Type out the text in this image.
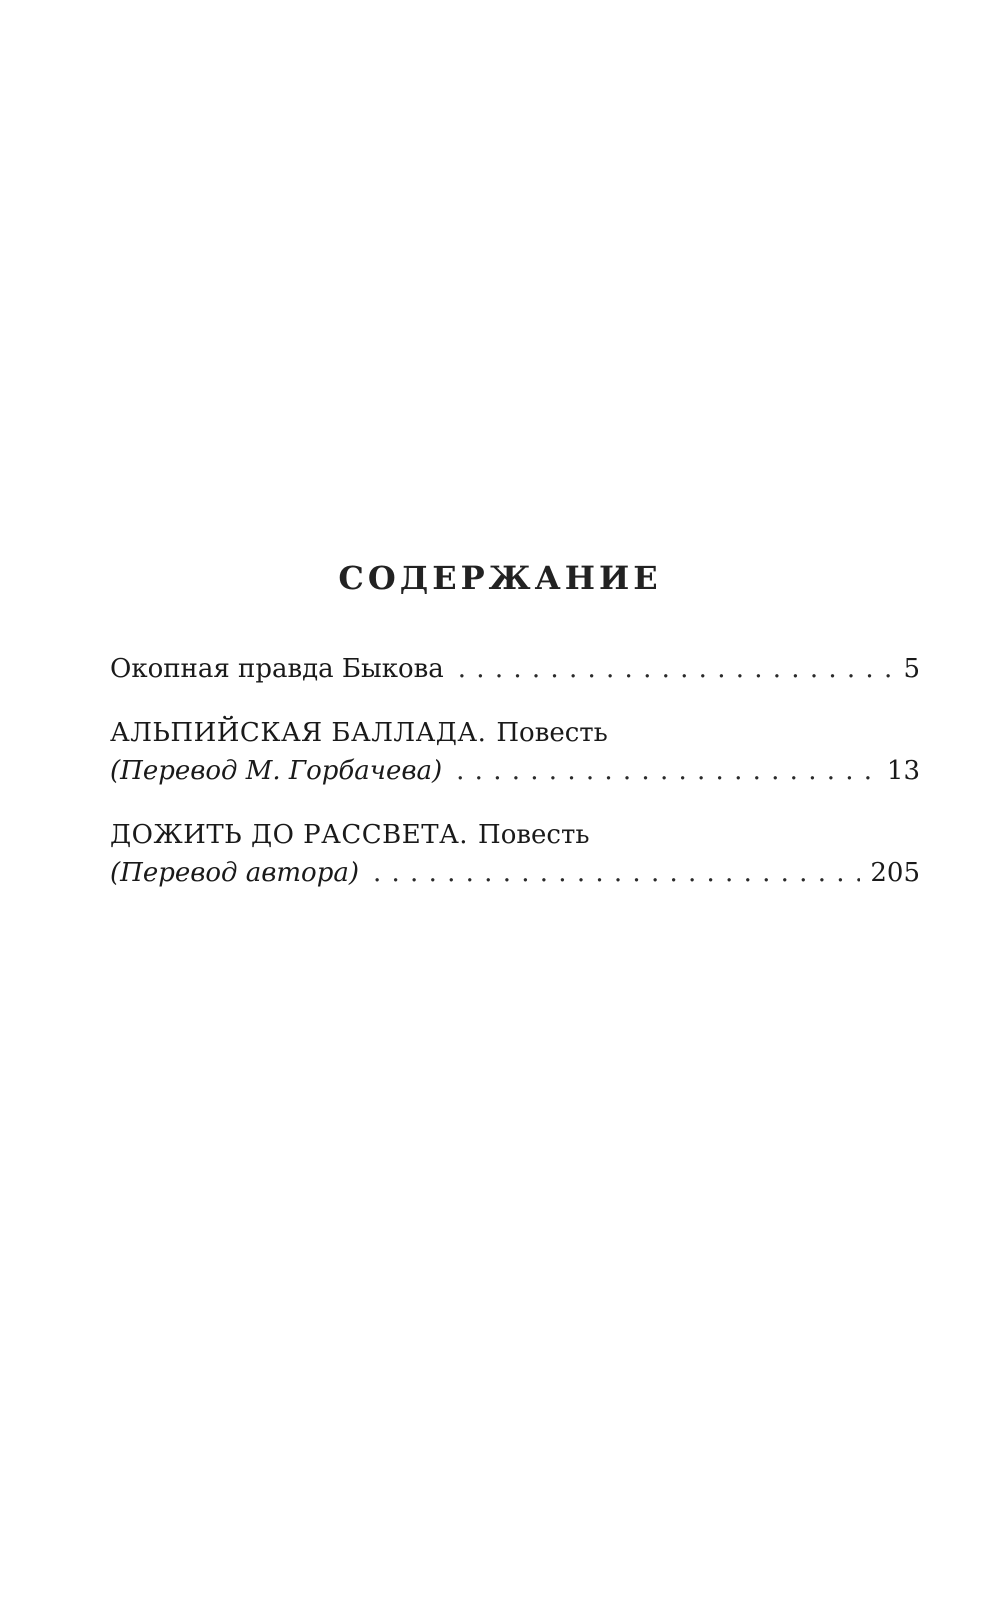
СОДЕРЖАНИЕ
Окопная правда Быкова . . .	5
АЛЬПИЙСКАЯ БАЛЛАДА. Повесть
(Перевод М. Горбачева) . . .	13
ДОЖИТЬ ДО РАССВЕТА. Повесть
(Перевод автора) . . .	205
